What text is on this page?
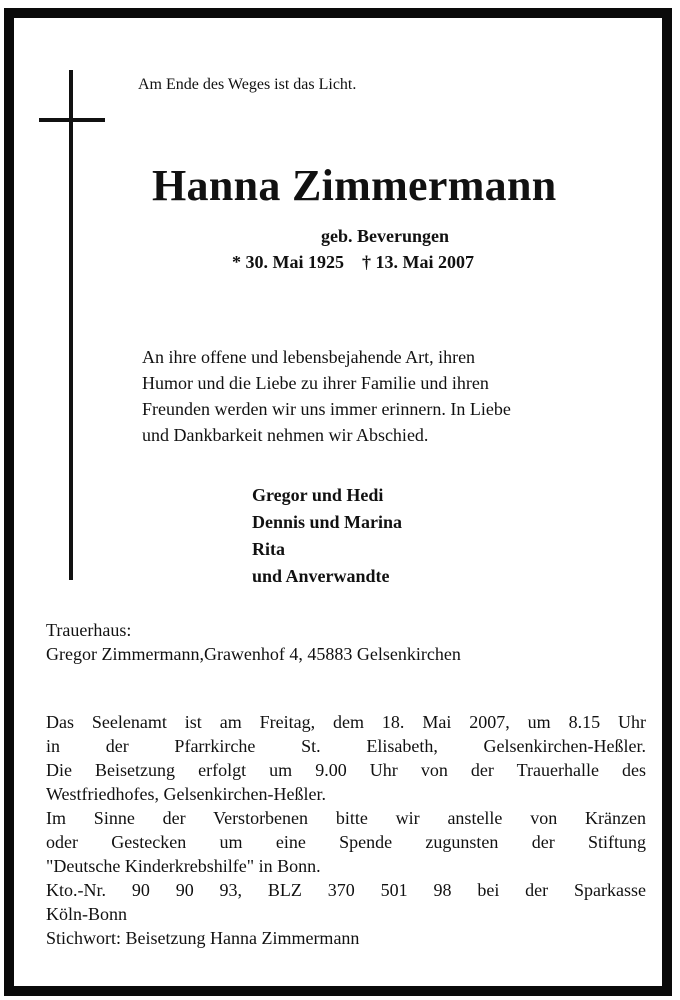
Am Ende des Weges ist das Licht.
Hanna Zimmermann
geb. Beverungen
* 30. Mai 1925 † 13. Mai 2007
An ihre offene und lebensbejahende Art, ihren
Humor und die Liebe zu ihrer Familie und ihren
Freunden werden wir uns immer erinnern. In Liebe
und Dankbarkeit nehmen wir Abschied.
Gregor und Hedi
Dennis und Marina
Rita
und Anverwandte
Trauerhaus:
Gregor Zimmermann,Grawenhof 4, 45883 Gelsenkirchen
Das Seelenamt ist am Freitag, dem 18. Mai 2007, um 8.15 Uhr
in der Pfarrkirche St. Elisabeth, Gelsenkirchen-Heßler.
Die Beisetzung erfolgt um 9.00 Uhr von der Trauerhalle des
Westfriedhofes, Gelsenkirchen-Heßler.
Im Sinne der Verstorbenen bitte wir anstelle von Kränzen
oder Gestecken um eine Spende zugunsten der Stiftung
"Deutsche Kinderkrebshilfe" in Bonn.
Kto.-Nr. 90 90 93, BLZ 370 501 98 bei der Sparkasse
Köln-Bonn
Stichwort: Beisetzung Hanna Zimmermann
